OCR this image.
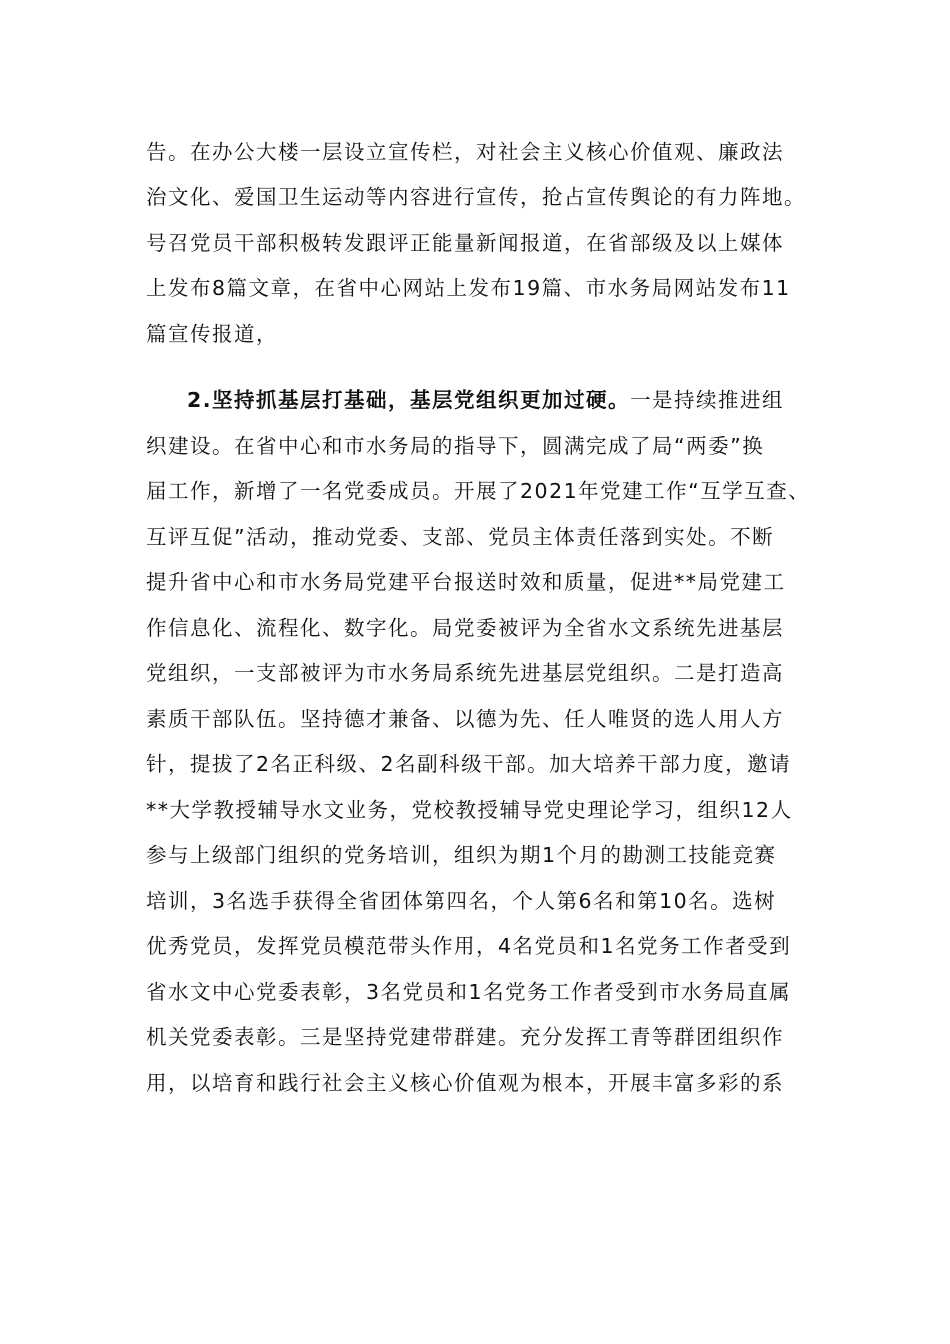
告。在办公大楼一层设立宣传栏，对社会主义核心价值观、廉政法
治文化、爱国卫生运动等内容进行宣传，抢占宣传舆论的有力阵地。
号召党员干部积极转发跟评正能量新闻报道，在省部级及以上媒体
上发布8篇文章，在省中心网站上发布19篇、市水务局网站发布11
篇宣传报道，
2.坚持抓基层打基础，基层党组织更加过硬。一是持续推进组
织建设。在省中心和市水务局的指导下，圆满完成了局“两委”换
届工作，新增了一名党委成员。开展了2021年党建工作“互学互查、
互评互促”活动，推动党委、支部、党员主体责任落到实处。不断
提升省中心和市水务局党建平台报送时效和质量，促进**局党建工
作信息化、流程化、数字化。局党委被评为全省水文系统先进基层
党组织，一支部被评为市水务局系统先进基层党组织。二是打造高
素质干部队伍。坚持德才兼备、以德为先、任人唯贤的选人用人方
针，提拔了2名正科级、2名副科级干部。加大培养干部力度，邀请
**大学教授辅导水文业务，党校教授辅导党史理论学习，组织12人
参与上级部门组织的党务培训，组织为期1个月的勘测工技能竞赛
培训，3名选手获得全省团体第四名，个人第6名和第10名。选树
优秀党员，发挥党员模范带头作用，4名党员和1名党务工作者受到
省水文中心党委表彰，3名党员和1名党务工作者受到市水务局直属
机关党委表彰。三是坚持党建带群建。充分发挥工青等群团组织作
用，以培育和践行社会主义核心价值观为根本，开展丰富多彩的系
